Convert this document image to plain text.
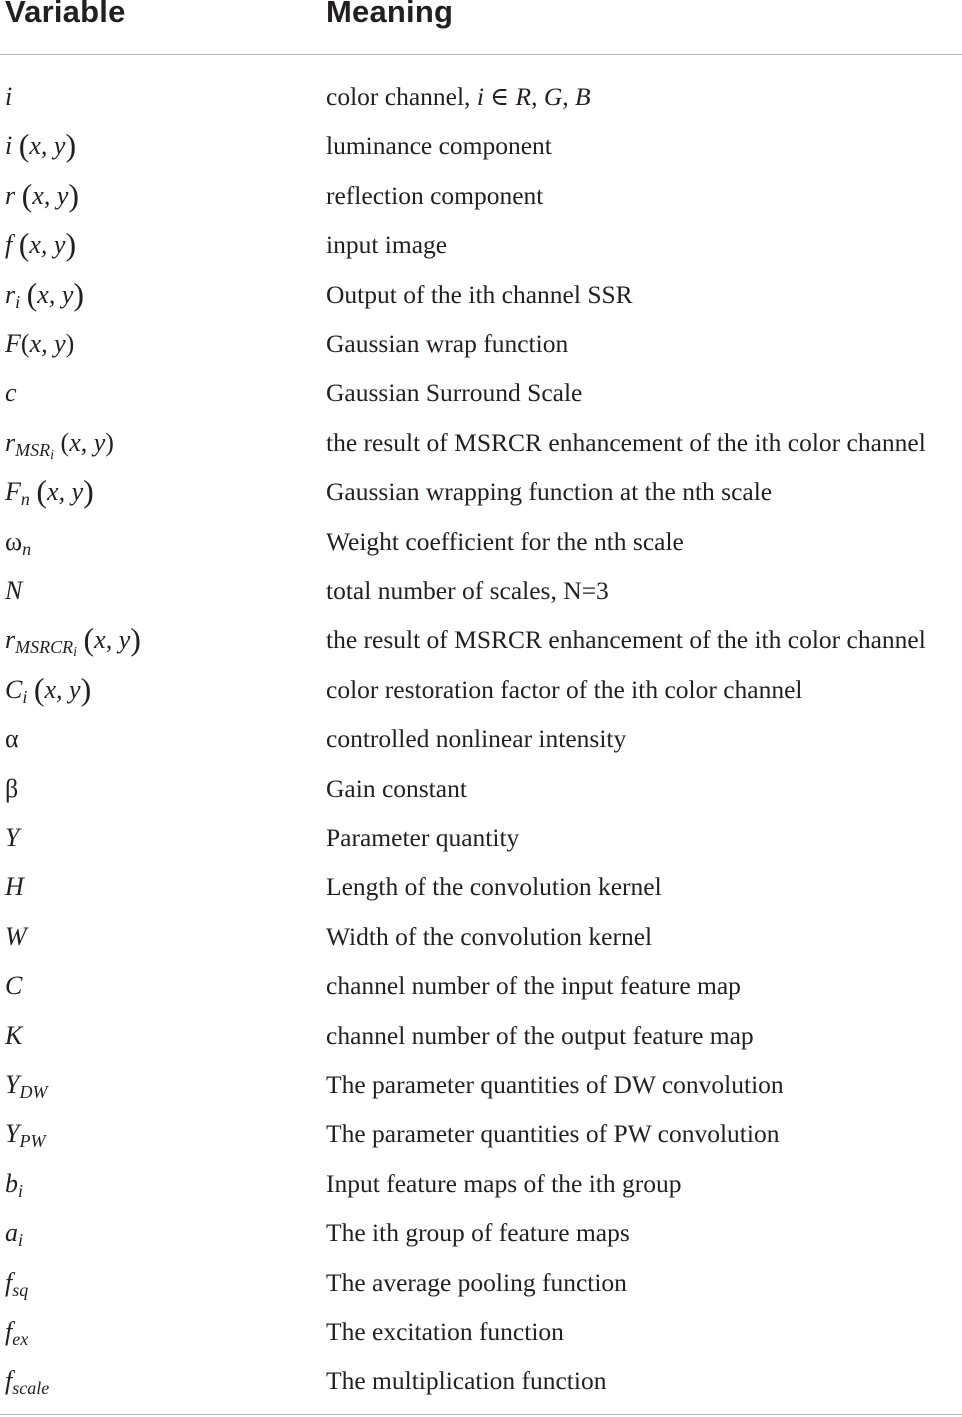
Variable	Meaning
i	color channel, i ∈ R, G, B
i (x, y)	luminance component
r (x, y)	reflection component
f (x, y)	input image
$r_i$ (x, y)	Output of the ith channel SSR
F(x, y)	Gaussian wrap function
c	Gaussian Surround Scale
$r_{MSR_i}$ (x, y)	the result of MSRCR enhancement of the ith color channel
$F_n$ (x, y)	Gaussian wrapping function at the nth scale
$\omega_n$	Weight coefficient for the nth scale
N	total number of scales, N=3
$r_{MSRCR_i}$ (x, y)	the result of MSRCR enhancement of the ith color channel
$C_i$ (x, y)	color restoration factor of the ith color channel
α	controlled nonlinear intensity
β	Gain constant
Y	Parameter quantity
H	Length of the convolution kernel
W	Width of the convolution kernel
C	channel number of the input feature map
K	channel number of the output feature map
$Y_{DW}$	The parameter quantities of DW convolution
$Y_{PW}$	The parameter quantities of PW convolution
$b_i$	Input feature maps of the ith group
$a_i$	The ith group of feature maps
$f_{sq}$	The average pooling function
$f_{ex}$	The excitation function
$f_{scale}$	The multiplication function
